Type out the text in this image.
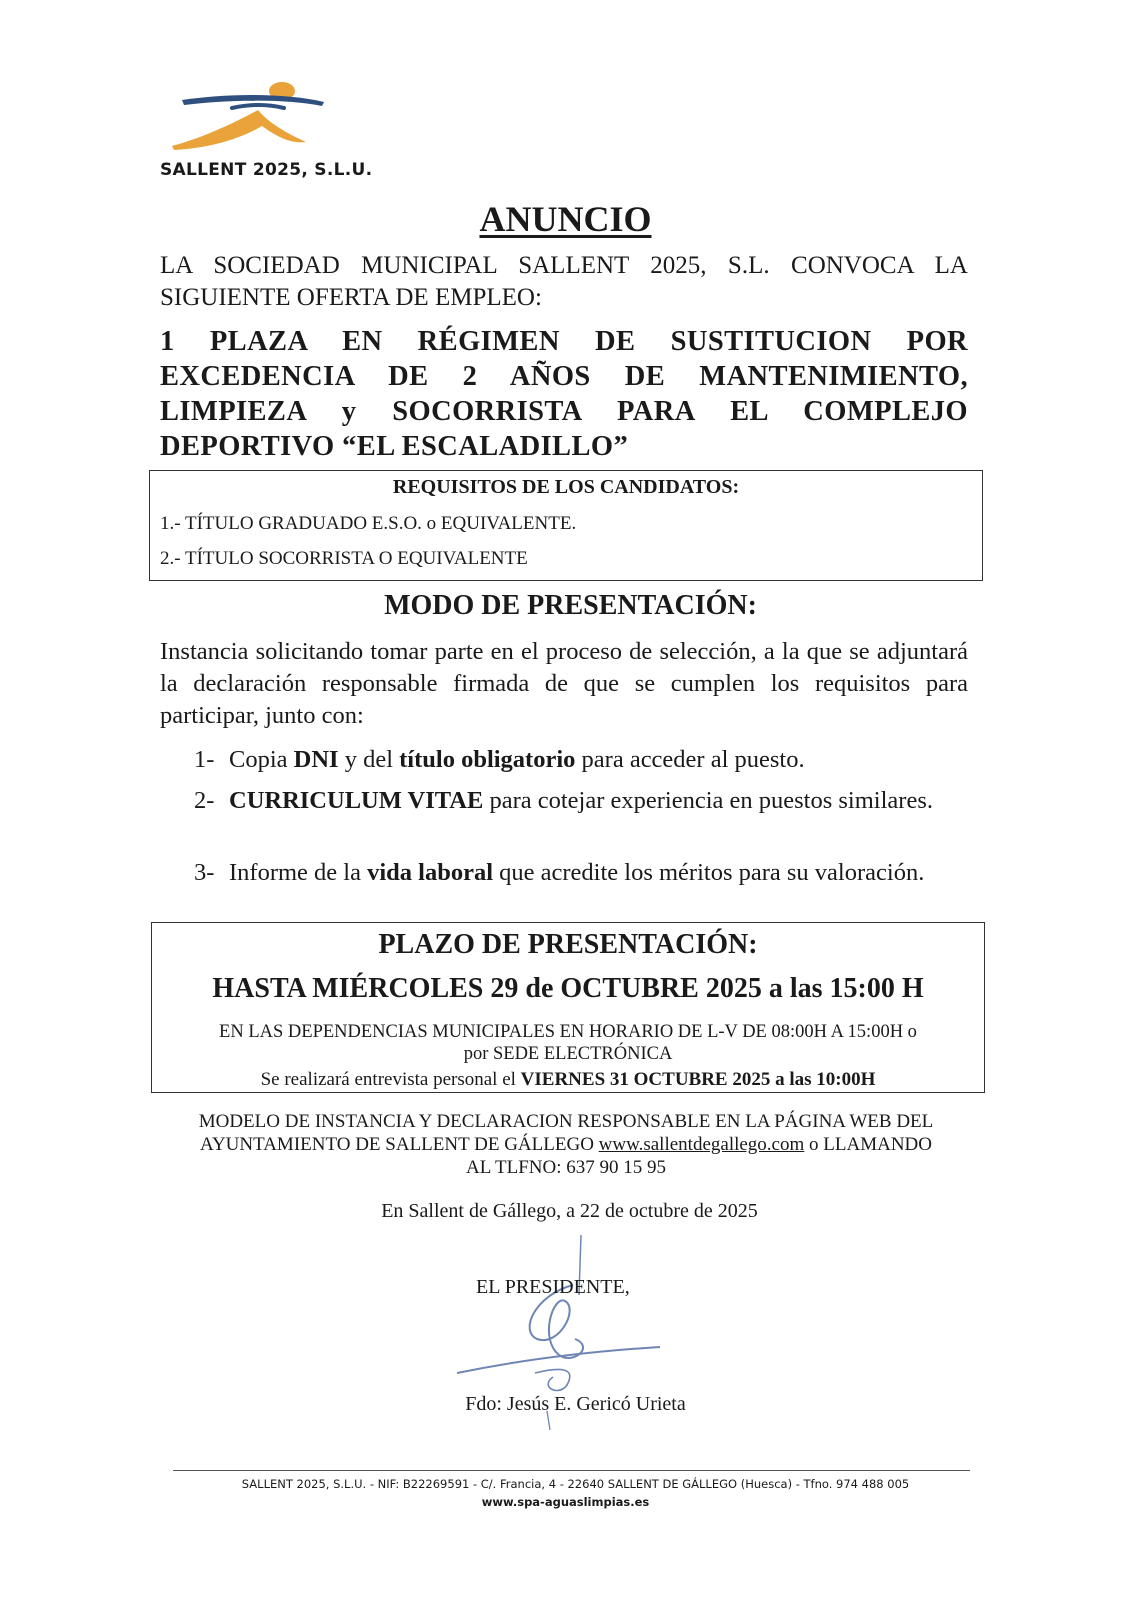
SALLENT 2025, S.L.U.
ANUNCIO
LA SOCIEDAD MUNICIPAL SALLENT 2025, S.L. CONVOCA LA SIGUIENTE OFERTA DE EMPLEO:
1 PLAZA EN RÉGIMEN DE SUSTITUCION POR EXCEDENCIA DE 2 AÑOS DE MANTENIMIENTO, LIMPIEZA y SOCORRISTA PARA EL COMPLEJO DEPORTIVO “EL ESCALADILLO”
REQUISITOS DE LOS CANDIDATOS:
1.- TÍTULO GRADUADO E.S.O. o EQUIVALENTE.
2.- TÍTULO SOCORRISTA O EQUIVALENTE
MODO DE PRESENTACIÓN:
Instancia solicitando tomar parte en el proceso de selección, a la que se adjuntará la declaración responsable firmada de que se cumplen los requisitos para participar, junto con:
1- Copia DNI y del título obligatorio para acceder al puesto.
2- CURRICULUM VITAE para cotejar experiencia en puestos similares.
3- Informe de la vida laboral que acredite los méritos para su valoración.
PLAZO DE PRESENTACIÓN:
HASTA MIÉRCOLES 29 de OCTUBRE 2025 a las 15:00 H
EN LAS DEPENDENCIAS MUNICIPALES EN HORARIO DE L-V DE 08:00H A 15:00H o
por SEDE ELECTRÓNICA
Se realizará entrevista personal el VIERNES 31 OCTUBRE 2025 a las 10:00H
MODELO DE INSTANCIA Y DECLARACION RESPONSABLE EN LA PÁGINA WEB DEL
AYUNTAMIENTO DE SALLENT DE GÁLLEGO www.sallentdegallego.com o LLAMANDO
AL TLFNO: 637 90 15 95
En Sallent de Gállego, a 22 de octubre de 2025
EL PRESIDENTE,
Fdo: Jesús E. Gericó Urieta
SALLENT 2025, S.L.U. - NIF: B22269591 - C/. Francia, 4 - 22640 SALLENT DE GÁLLEGO (Huesca) - Tfno. 974 488 005
www.spa-aguaslimpias.es
